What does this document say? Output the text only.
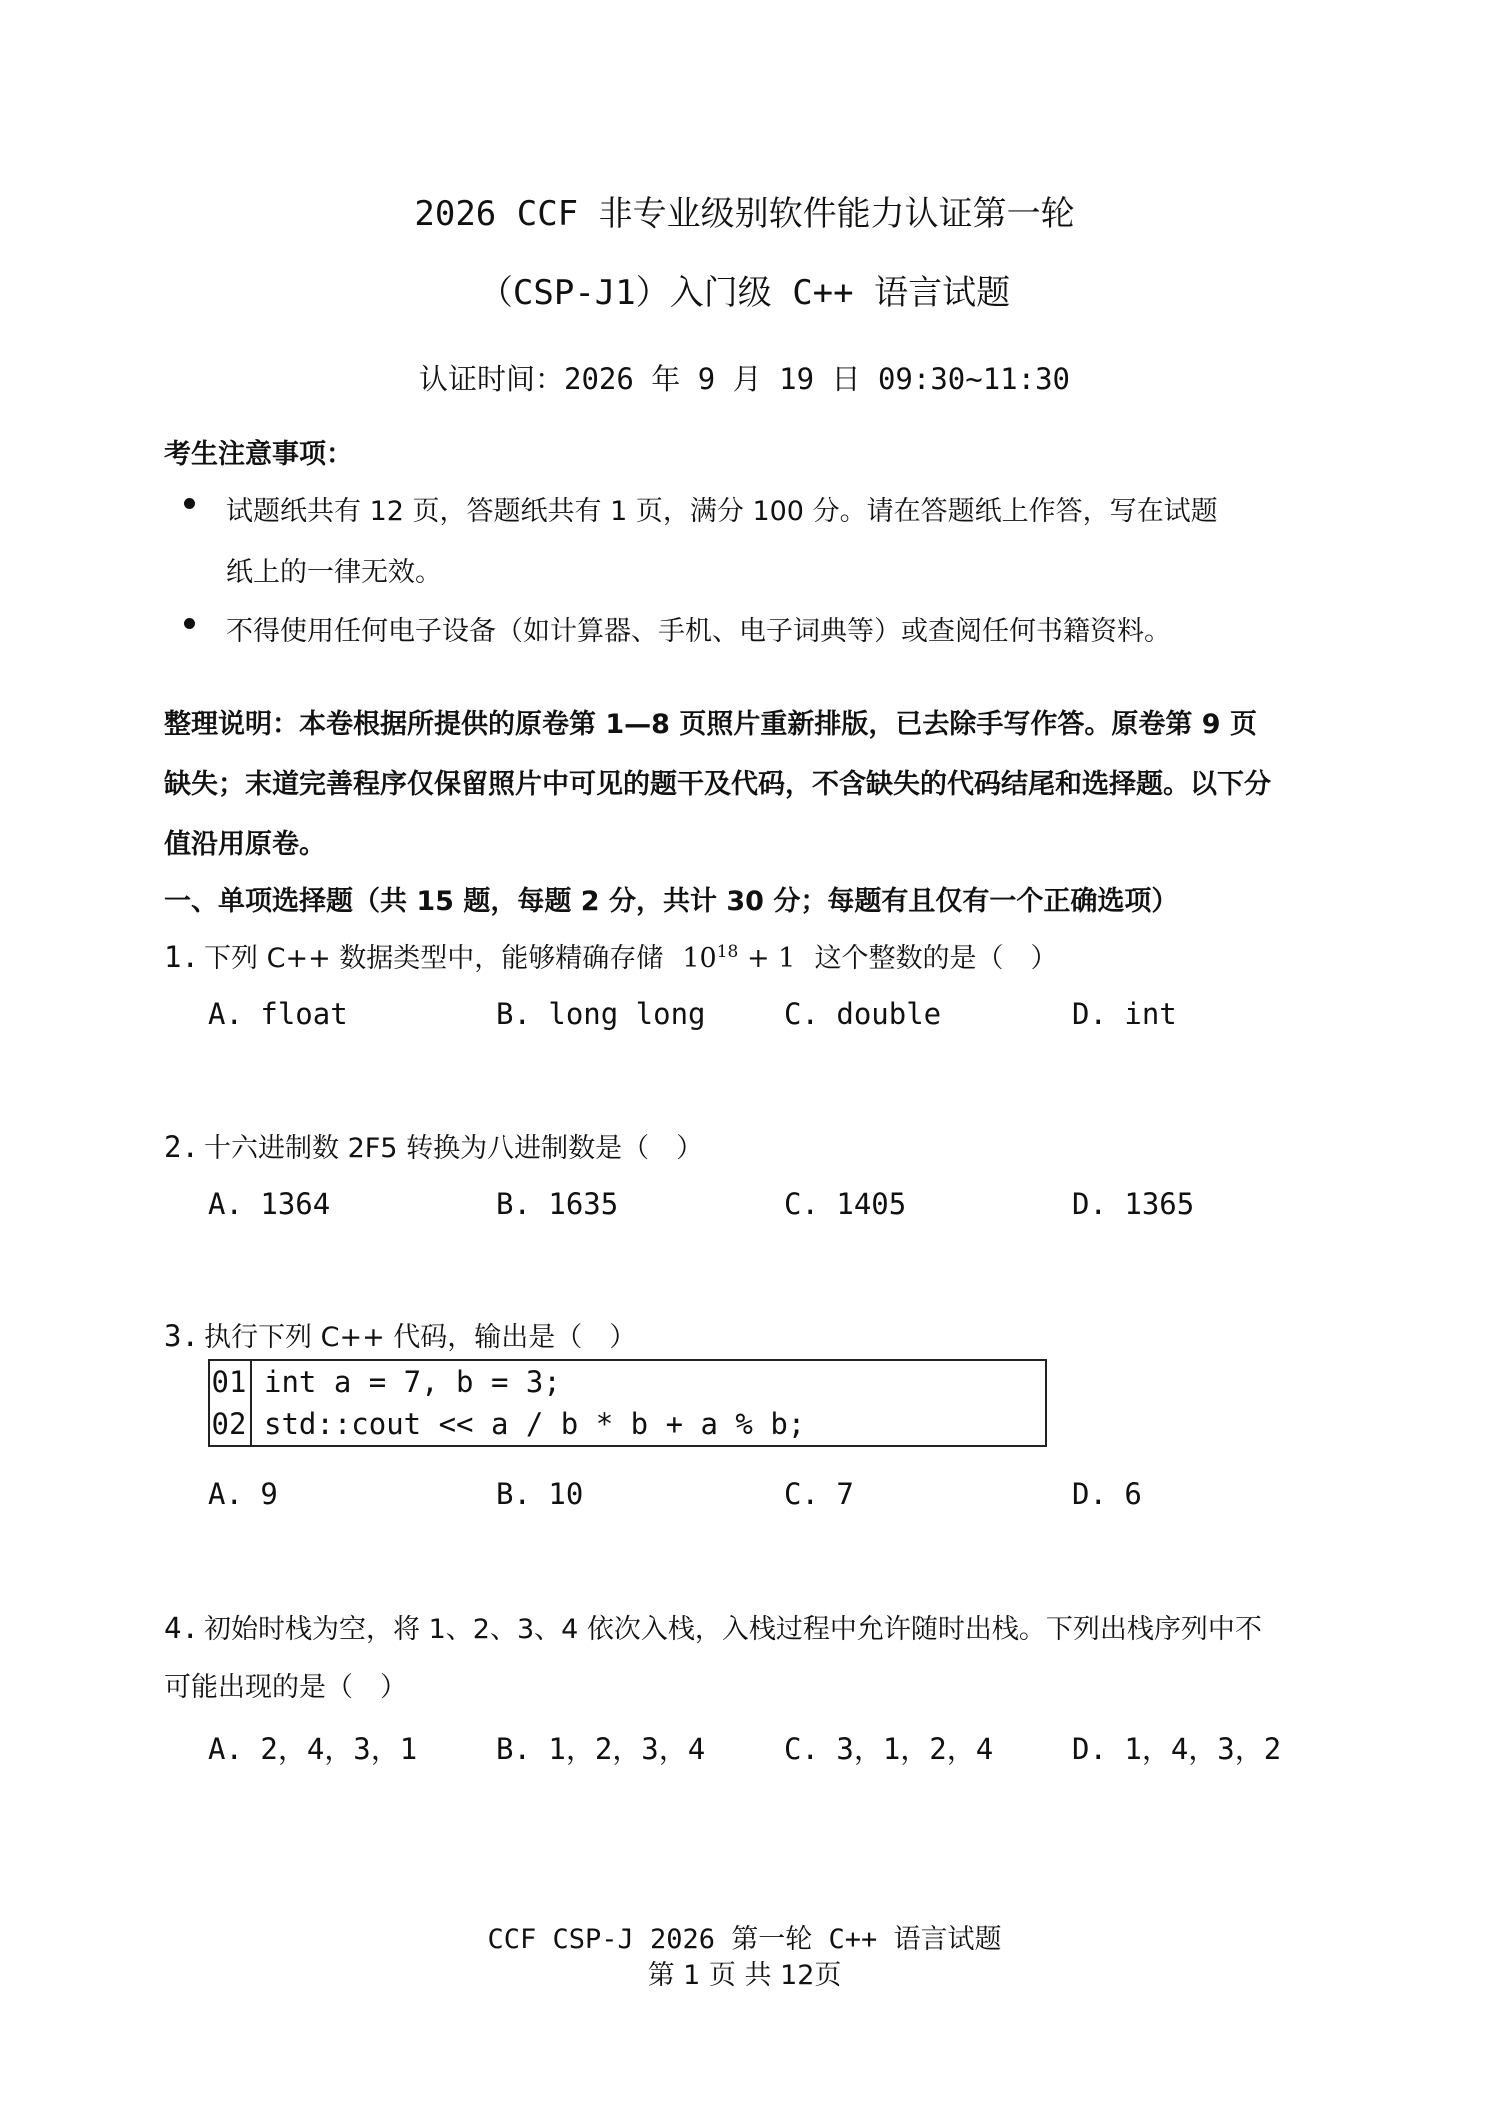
2026 CCF 非专业级别软件能力认证第一轮
（CSP-J1）入门级 C++ 语言试题
认证时间：2026 年 9 月 19 日 09:30~11:30
考生注意事项：
试题纸共有 12 页，答题纸共有 1 页，满分 100 分。请在答题纸上作答，写在试题
纸上的一律无效。
不得使用任何电子设备（如计算器、手机、电子词典等）或查阅任何书籍资料。
整理说明：本卷根据所提供的原卷第 1—8 页照片重新排版，已去除手写作答。原卷第 9 页
缺失；末道完善程序仅保留照片中可见的题干及代码，不含缺失的代码结尾和选择题。以下分
值沿用原卷。
一、单项选择题（共 15 题，每题 2 分，共计 30 分；每题有且仅有一个正确选项）
1. 下列 C++ 数据类型中，能够精确存储 $10^{18} + 1$ 这个整数的是（　）
A. float	B. long long	C. double	D. int
2. 十六进制数 2F5 转换为八进制数是（　）
A. 1364	B. 1635	C. 1405	D. 1365
3. 执行下列 C++ 代码，输出是（　）
01 int a = 7, b = 3;
02 std::cout << a / b * b + a % b;
A. 9	B. 10	C. 7	D. 6
4. 初始时栈为空，将 1、2、3、4 依次入栈，入栈过程中允许随时出栈。下列出栈序列中不
可能出现的是（　）
A. 2，4，3，1	B. 1，2，3，4	C. 3，1，2，4	D. 1，4，3，2
CCF CSP-J 2026 第一轮 C++ 语言试题
第 1 页 共 12页
